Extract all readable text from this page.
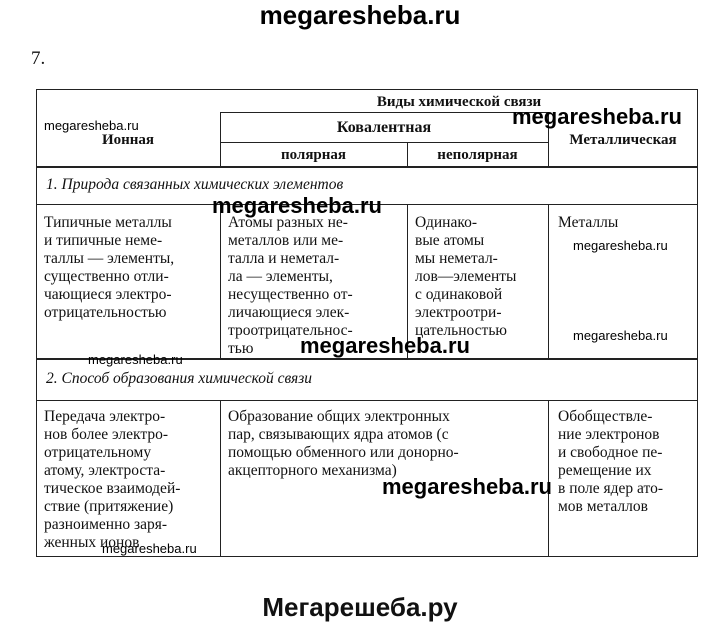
megaresheba.ru
7.
Виды химической связи
Ионная
Ковалентная
полярная	неполярная
Металлическая
1. Природа связанных химических элементов
Типичные металлы
и типичные неме-
таллы — элементы,
существенно отли-
чающиеся электро-
отрицательностью
Атомы разных не-
металлов или ме-
талла и неметал-
ла — элементы,
несущественно от-
личающиеся элек-
троотрицательнос-
тью
Одинако-
вые атомы
мы неметал-
лов—элементы
с одинаковой
электроотри-
цательностью
Металлы
2. Способ образования химической связи
Передача электро-
нов более электро-
отрицательному
атому, электроста-
тическое взаимодей-
ствие (притяжение)
разноименно заря-
женных ионов
Образование общих электронных
пар, связывающих ядра атомов (с
помощью обменного или донорно-
акцепторного механизма)
Обобществле-
ние электронов
и свободное пе-
ремещение их
в поле ядер ато-
мов металлов
megaresheba.ru	megaresheba.ru
megaresheba.ru
megaresheba.ru
megaresheba.ru
megaresheba.ru
megaresheba.ru
megaresheba.ru
megaresheba.ru
Мегарешеба.ру
